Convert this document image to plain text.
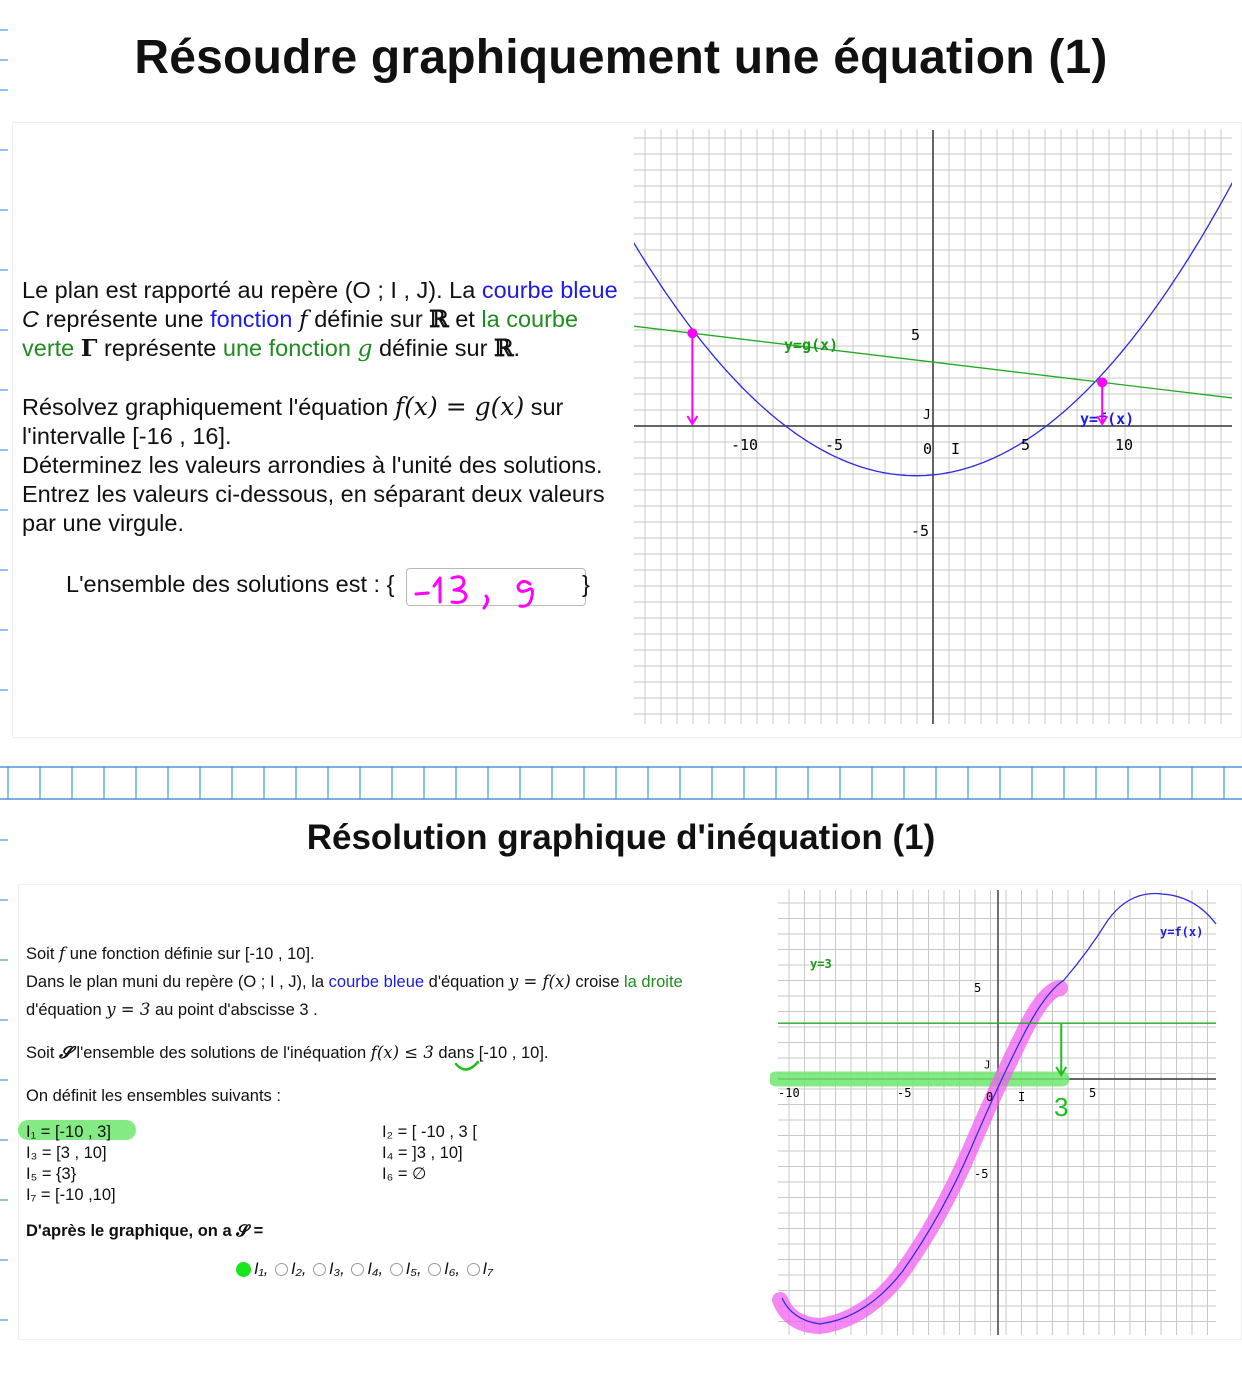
Résoudre graphiquement une équation (1)

Le plan est rapporté au repère (O ; I , J). La courbe bleue C représente une fonction f définie sur ℝ et la courbe verte Γ représente une fonction g définie sur ℝ.

Résolvez graphiquement l'équation f(x) = g(x) sur
l'intervalle [-16 , 16].

Déterminez les valeurs arrondies à l'unité des solutions.

Entrez les valeurs ci-dessous, en séparant deux valeurs par une virgule.

L'ensemble des solutions est : {	}
-10	-5	0 I	5	10
5
-5
J
y=g(x)
y=f(x)
Résolution graphique d'inéquation (1)

Soit f une fonction définie sur [-10 , 10].

Dans le plan muni du repère (O ; I , J), la courbe bleue d'équation y = f(x) croise la droite d'équation y = 3 au point d'abscisse 3 .

Soit 𝓢 l'ensemble des solutions de l'inéquation f(x) ≤ 3 dans [-10 , 10].

On définit les ensembles suivants :

I₁ = [-10 , 3]
I₃ = [3 , 10]
I₅ = {3}
I₇ = [-10 ,10]
I₂ = [ -10 , 3 [
I₄ = ]3 , 10]
I₆ = ∅
D'après le graphique, on a 𝓢 =
I₁, I₂, I₃, I₄, I₅, I₆, I₇
-10	-5	0 I	5
5
-5
J
y=3
y=f(x)
3
